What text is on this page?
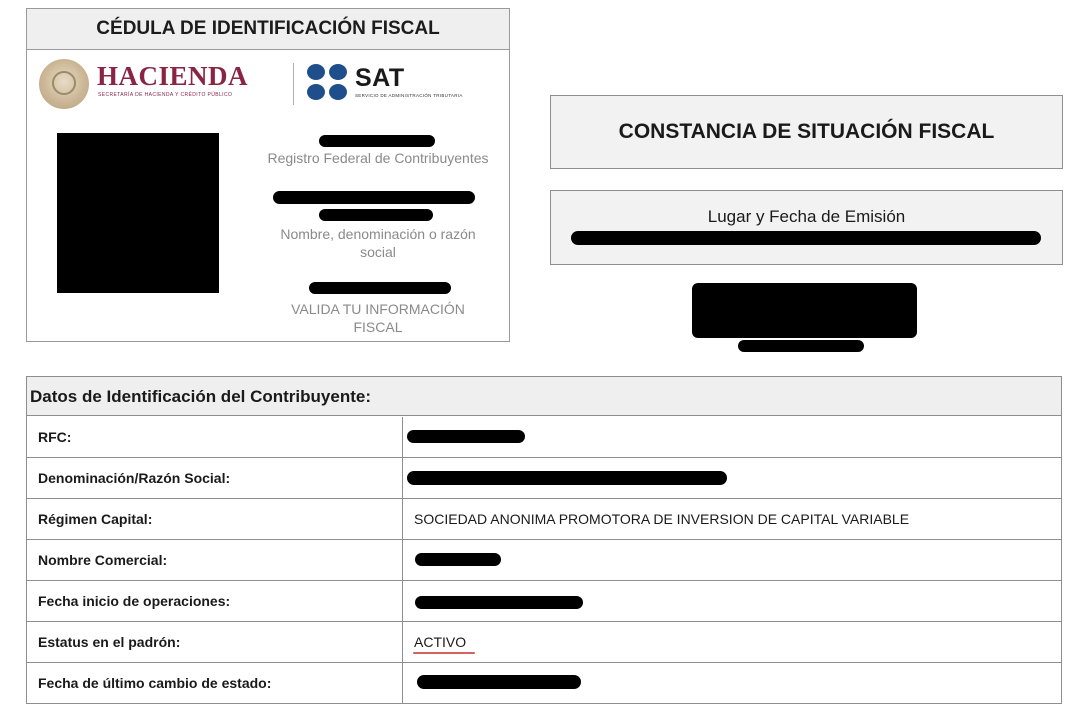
CÉDULA DE IDENTIFICACIÓN FISCAL
HACIENDA
SECRETARÍA DE HACIENDA Y CRÉDITO PÚBLICO
SAT
SERVICIO DE ADMINISTRACIÓN TRIBUTARIA
Registro Federal de Contribuyentes
Nombre, denominación o razón social
VALIDA TU INFORMACIÓN FISCAL
CONSTANCIA DE SITUACIÓN FISCAL
Lugar y Fecha de Emisión
Datos de Identificación del Contribuyente:
RFC:
Denominación/Razón Social:
Régimen Capital:	SOCIEDAD ANONIMA PROMOTORA DE INVERSION DE CAPITAL VARIABLE
Nombre Comercial:
Fecha inicio de operaciones:
Estatus en el padrón:	ACTIVO
Fecha de último cambio de estado:
